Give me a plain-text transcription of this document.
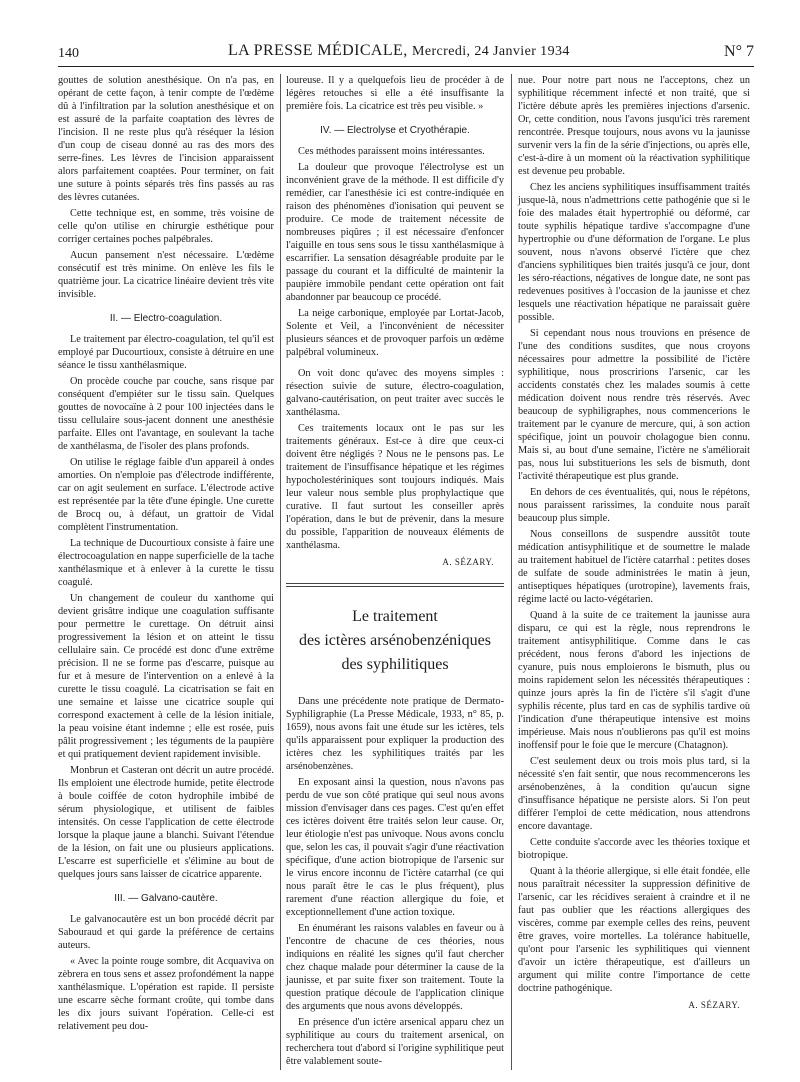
140	LA PRESSE MÉDICALE, Mercredi, 24 Janvier 1934	N° 7

gouttes de solution anesthésique. On n'a pas, en opérant de cette façon, à tenir compte de l'œdème dû à l'infiltration par la solution anesthésique et on est assuré de la parfaite coaptation des lèvres de l'incision. Il ne reste plus qu'à réséquer la lésion d'un coup de ciseau donné au ras des mors des serre-fines. Les lèvres de l'incision apparaissent alors parfaitement coaptées. Pour terminer, on fait une suture à points séparés très fins passés au ras des lèvres cutanées.

Cette technique est, en somme, très voisine de celle qu'on utilise en chirurgie esthétique pour corriger certaines poches palpébrales.

Aucun pansement n'est nécessaire. L'œdème consécutif est très minime. On enlève les fils le quatrième jour. La cicatrice linéaire devient très vite invisible.

II. — Electro-coagulation.

Le traitement par électro-coagulation, tel qu'il est employé par Ducourtioux, consiste à détruire en une séance le tissu xanthélasmique.

On procède couche par couche, sans risque par conséquent d'empiéter sur le tissu sain. Quelques gouttes de novocaïne à 2 pour 100 injectées dans le tissu cellulaire sous-jacent donnent une anesthésie parfaite. Elles ont l'avantage, en soulevant la tache de xanthélasma, de l'isoler des plans profonds.

On utilise le réglage faible d'un appareil à ondes amorties. On n'emploie pas d'électrode indifférente, car on agit seulement en surface. L'électrode active est représentée par la tête d'une épingle. Une curette de Brocq ou, à défaut, un grattoir de Vidal complètent l'instrumentation.

La technique de Ducourtioux consiste à faire une électrocoagulation en nappe superficielle de la tache xanthélasmique et à enlever à la curette le tissu coagulé.

Un changement de couleur du xanthome qui devient grisâtre indique une coagulation suffisante pour permettre le curettage. On détruit ainsi progressivement la lésion et on atteint le tissu cellulaire sain. Ce procédé est donc d'une extrême précision. Il ne se forme pas d'escarre, puisque au fur et à mesure de l'intervention on a enlevé à la curette le tissu coagulé. La cicatrisation se fait en une semaine et laisse une cicatrice souple qui correspond exactement à celle de la lésion initiale, la peau voisine étant indemne ; elle est rosée, puis pâlit progressivement ; les téguments de la paupière et qui pratiquement devient rapidement invisible.

Monbrun et Casteran ont décrit un autre procédé. Ils emploient une électrode humide, petite électrode à boule coiffée de coton hydrophile imbibé de sérum physiologique, et utilisent de faibles intensités. On cesse l'application de cette électrode lorsque la plaque jaune a blanchi. Suivant l'étendue de la lésion, on fait une ou plusieurs applications. L'escarre est superficielle et s'élimine au bout de quelques jours sans laisser de cicatrice apparente.

III. — Galvano-cautère.

Le galvanocautère est un bon procédé décrit par Sabouraud et qui garde la préférence de certains auteurs.

« Avec la pointe rouge sombre, dit Acquaviva on zèbrera en tous sens et assez profondément la nappe xanthélasmique. L'opération est rapide. Il persiste une escarre sèche formant croûte, qui tombe dans les dix jours suivant l'opération. Celle-ci est relativement peu dou-

loureuse. Il y a quelquefois lieu de procéder à de légères retouches si elle a été insuffisante la première fois. La cicatrice est très peu visible. »

IV. — Electrolyse et Cryothérapie.

Ces méthodes paraissent moins intéressantes.

La douleur que provoque l'électrolyse est un inconvénient grave de la méthode. Il est difficile d'y remédier, car l'anesthésie ici est contre-indiquée en raison des phénomènes d'ionisation qui peuvent se produire. Ce mode de traitement nécessite de nombreuses piqûres ; il est nécessaire d'enfoncer l'aiguille en tous sens sous le tissu xanthélasmique à escarrifier. La sensation désagréable produite par le passage du courant et la difficulté de maintenir la paupière immobile pendant cette opération ont fait abandonner par beaucoup ce procédé.

La neige carbonique, employée par Lortat-Jacob, Solente et Veil, a l'inconvénient de nécessiter plusieurs séances et de provoquer parfois un œdème palpébral volumineux.

On voit donc qu'avec des moyens simples : résection suivie de suture, électro-coagulation, galvano-cautérisation, on peut traiter avec succès le xanthélasma.

Ces traitements locaux ont le pas sur les traitements généraux. Est-ce à dire que ceux-ci doivent être négligés ? Nous ne le pensons pas. Le traitement de l'insuffisance hépatique et les régimes hypocholestériniques sont toujours indiqués. Mais leur valeur nous semble plus prophylactique que curative. Il faut surtout les conseiller après l'opération, dans le but de prévenir, dans la mesure du possible, l'apparition de nouveaux éléments de xanthélasma.

A. SÉZARY.
Le traitement
des ictères arsénobenzéniques
des syphilitiques

Dans une précédente note pratique de Dermato-Syphiligraphie (La Presse Médicale, 1933, n° 85, p. 1659), nous avons fait une étude sur les ictères, tels qu'ils apparaissent pour expliquer la production des ictères chez les syphilitiques traités par les arsénobenzènes.

En exposant ainsi la question, nous n'avons pas perdu de vue son côté pratique qui seul nous avons mission d'envisager dans ces pages. C'est qu'en effet ces ictères doivent être traités selon leur cause. Or, leur étiologie n'est pas univoque. Nous avons conclu que, selon les cas, il pouvait s'agir d'une réactivation spécifique, d'une action biotropique de l'arsenic sur le virus encore inconnu de l'ictère catarrhal (ce qui nous paraît être le cas le plus fréquent), plus rarement d'une réaction allergique du foie, et exceptionnellement d'une action toxique.

En énumérant les raisons valables en faveur ou à l'encontre de chacune de ces théories, nous indiquions en réalité les signes qu'il faut chercher chez chaque malade pour déterminer la cause de la jaunisse, et par suite fixer son traitement. Toute la question pratique découle de l'application clinique des arguments que nous avons développés.

En présence d'un ictère arsenical apparu chez un syphilitique au cours du traitement arsenical, on recherchera tout d'abord si l'origine syphilitique peut être valablement soute-

nue. Pour notre part nous ne l'acceptons, chez un syphilitique récemment infecté et non traité, que si l'ictère débute après les premières injections d'arsenic. Or, cette condition, nous l'avons jusqu'ici très rarement rencontrée. Presque toujours, nous avons vu la jaunisse survenir vers la fin de la série d'injections, ou après elle, c'est-à-dire à un moment où la réactivation syphilitique est devenue peu probable.

Chez les anciens syphilitiques insuffisamment traités jusque-là, nous n'admettrions cette pathogénie que si le foie des malades était hypertrophié ou déformé, car toute syphilis hépatique tardive s'accompagne d'une hypertrophie ou d'une déformation de l'organe. Le plus souvent, nous n'avons observé l'ictère que chez d'anciens syphilitiques bien traités jusqu'à ce jour, dont les séro-réactions, négatives de longue date, ne sont pas redevenues positives à l'occasion de la jaunisse et chez lesquels une réactivation hépatique ne paraissait guère possible.

Si cependant nous nous trouvions en présence de l'une des conditions susdites, que nous croyons nécessaires pour admettre la possibilité de l'ictère syphilitique, nous proscririons l'arsenic, car les accidents constatés chez les malades soumis à cette médication doivent nous rendre très réservés. Avec beaucoup de syphiligraphes, nous commencerions le traitement par le cyanure de mercure, qui, à son action spécifique, joint un pouvoir cholagogue bien connu. Mais si, au bout d'une semaine, l'ictère ne s'améliorait pas, nous lui substituerions les sels de bismuth, dont l'activité thérapeutique est plus grande.

En dehors de ces éventualités, qui, nous le répétons, nous paraissent rarissimes, la conduite nous paraît beaucoup plus simple.

Nous conseillons de suspendre aussitôt toute médication antisyphilitique et de soumettre le malade au traitement habituel de l'ictère catarrhal : petites doses de sulfate de soude administrées le matin à jeun, antiseptiques hépatiques (urotropine), lavements frais, régime lacté ou lacto-végétarien.

Quand à la suite de ce traitement la jaunisse aura disparu, ce qui est la règle, nous reprendrons le traitement antisyphilitique. Comme dans le cas précédent, nous ferons d'abord les injections de cyanure, puis nous emploierons le bismuth, plus ou moins rapidement selon les nécessités thérapeutiques : quinze jours après la fin de l'ictère s'il s'agit d'une syphilis récente, plus tard en cas de syphilis tardive où l'indication d'une thérapeutique intensive est moins impérieuse. Mais nous n'oublierons pas qu'il est moins inoffensif pour le foie que le mercure (Chatagnon).

C'est seulement deux ou trois mois plus tard, si la nécessité s'en fait sentir, que nous recommencerons les arsénobenzènes, à la condition qu'aucun signe d'insuffisance hépatique ne persiste alors. Si l'on peut différer l'emploi de cette médication, nous attendrons encore davantage.

Cette conduite s'accorde avec les théories toxique et biotropique.

Quant à la théorie allergique, si elle était fondée, elle nous paraîtrait nécessiter la suppression définitive de l'arsenic, car les récidives seraient à craindre et il ne faut pas oublier que les réactions allergiques des viscères, comme par exemple celles des reins, peuvent être graves, voire mortelles. La tolérance habituelle, qu'ont pour l'arsenic les syphilitiques qui viennent d'avoir un ictère thérapeutique, est d'ailleurs un argument qui milite contre l'importance de cette doctrine pathogénique.

A. SÉZARY.
